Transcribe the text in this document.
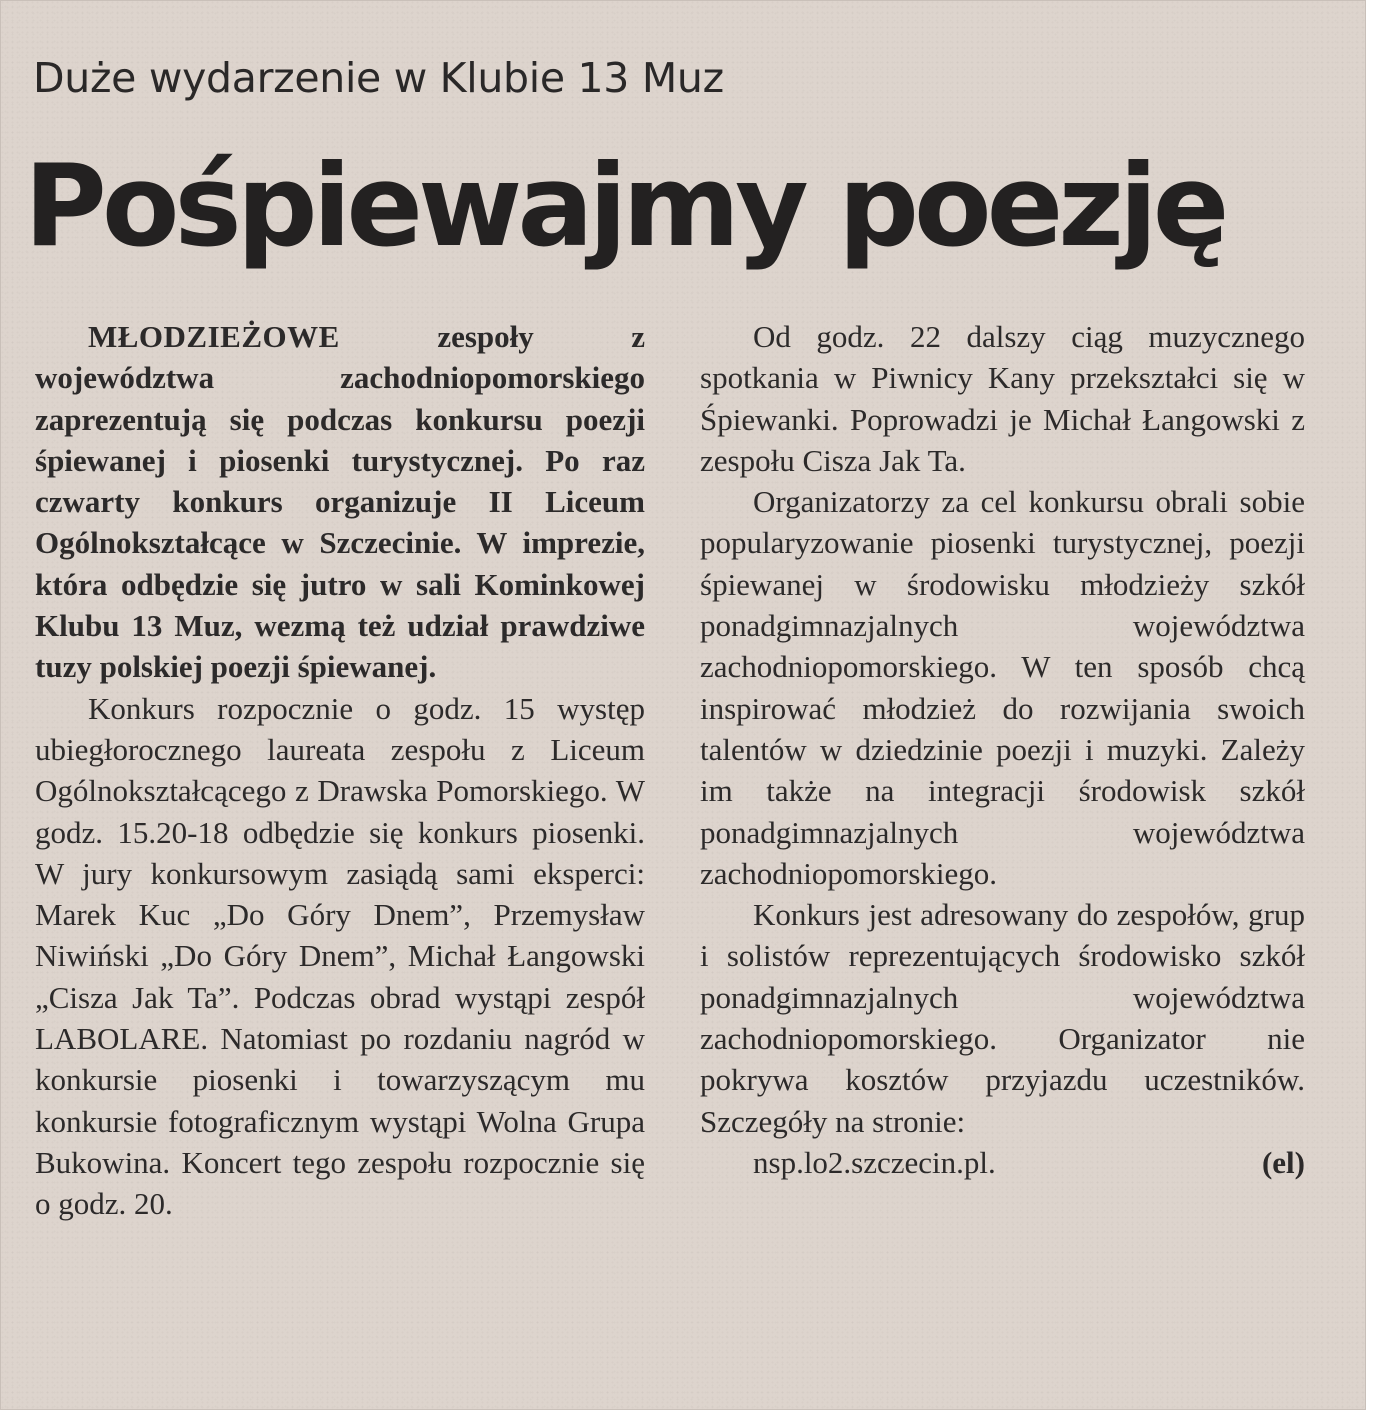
Duże wydarzenie w Klubie 13 Muz
Pośpiewajmy poezję

MŁODZIEŻOWE zespoły z województwa zachodniopomorskiego zaprezentują się podczas konkursu poezji śpiewanej i piosenki turystycznej. Po raz czwarty konkurs organizuje II Liceum Ogólnokształcące w Szczecinie. W imprezie, która odbędzie się jutro w sali Kominkowej Klubu 13 Muz, wezmą też udział prawdziwe tuzy polskiej poezji śpiewanej.

Konkurs rozpocznie o godz. 15 występ ubiegłorocznego laureata zespołu z Liceum Ogólnokształcącego z Drawska Pomorskiego. W godz. 15.20-18 odbędzie się konkurs piosenki. W jury konkursowym zasiądą sami eksperci: Marek Kuc „Do Góry Dnem”, Przemysław Niwiński „Do Góry Dnem”, Michał Łangowski „Cisza Jak Ta”. Podczas obrad wystąpi zespół LABOLARE. Natomiast po rozdaniu nagród w konkursie piosenki i towarzyszącym mu konkursie fotograficznym wystąpi Wolna Grupa Bukowina. Koncert tego zespołu rozpocznie się o godz. 20.

Od godz. 22 dalszy ciąg muzycznego spotkania w Piwnicy Kany przekształci się w Śpiewanki. Poprowadzi je Michał Łangowski z zespołu Cisza Jak Ta.

Organizatorzy za cel konkursu obrali sobie popularyzowanie piosenki turystycznej, poezji śpiewanej w środowisku młodzieży szkół ponadgimnazjalnych województwa zachodniopomorskiego. W ten sposób chcą inspirować młodzież do rozwijania swoich talentów w dziedzinie poezji i muzyki. Zależy im także na integracji środowisk szkół ponadgimnazjalnych województwa zachodniopomorskiego.

Konkurs jest adresowany do zespołów, grup i solistów reprezentujących środowisko szkół ponadgimnazjalnych województwa zachodniopomorskiego. Organizator nie pokrywa kosztów przyjazdu uczestników. Szczegóły na stronie:

nsp.lo2.szczecin.pl.	(el)
